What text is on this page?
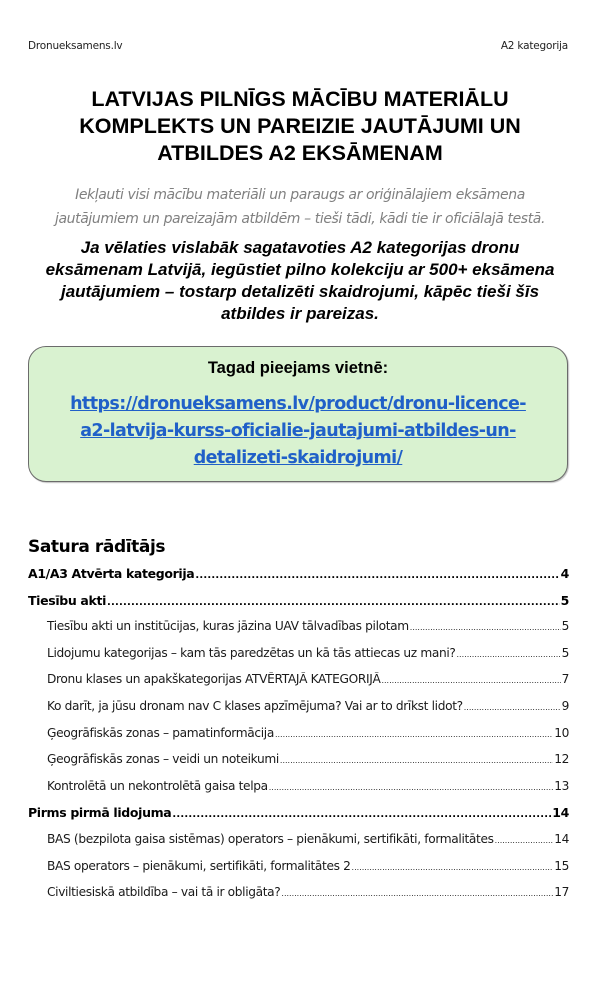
Dronueksamens.lv	A2 kategorija
LATVIJAS PILNĪGS MĀCĪBU MATERIĀLU
KOMPLEKTS UN PAREIZIE JAUTĀJUMI UN
ATBILDES A2 EKSĀMENAM
Iekļauti visi mācību materiāli un paraugs ar oriģinālajiem eksāmena
jautājumiem un pareizajām atbildēm – tieši tādi, kādi tie ir oficiālajā testā.
Ja vēlaties vislabāk sagatavoties A2 kategorijas dronu
eksāmenam Latvijā, iegūstiet pilno kolekciju ar 500+ eksāmena
jautājumiem – tostarp detalizēti skaidrojumi, kāpēc tieši šīs
atbildes ir pareizas.
Tagad pieejams vietnē:
https://dronueksamens.lv/product/dronu-licence-
a2-latvija-kurss-oficialie-jautajumi-atbildes-un-
detalizeti-skaidrojumi/
Satura rādītājs
A1/A3 Atvērta kategorija .....	4
Tiesību akti .....	5
Tiesību akti un institūcijas, kuras jāzina UAV tālvadības pilotam .....	5
Lidojumu kategorijas – kam tās paredzētas un kā tās attiecas uz mani? .....	5
Dronu klases un apakškategorijas ATVĒRTAJĀ KATEGORIJĀ .....	7
Ko darīt, ja jūsu dronam nav C klases apzīmējuma? Vai ar to drīkst lidot? .....	9
Ģeogrāfiskās zonas – pamatinformācija .....	10
Ģeogrāfiskās zonas – veidi un noteikumi .....	12
Kontrolētā un nekontrolētā gaisa telpa .....	13
Pirms pirmā lidojuma .....	14
BAS (bezpilota gaisa sistēmas) operators – pienākumi, sertifikāti, formalitātes .....	14
BAS operators – pienākumi, sertifikāti, formalitātes 2 .....	15
Civiltiesiskā atbildība – vai tā ir obligāta? .....	17
